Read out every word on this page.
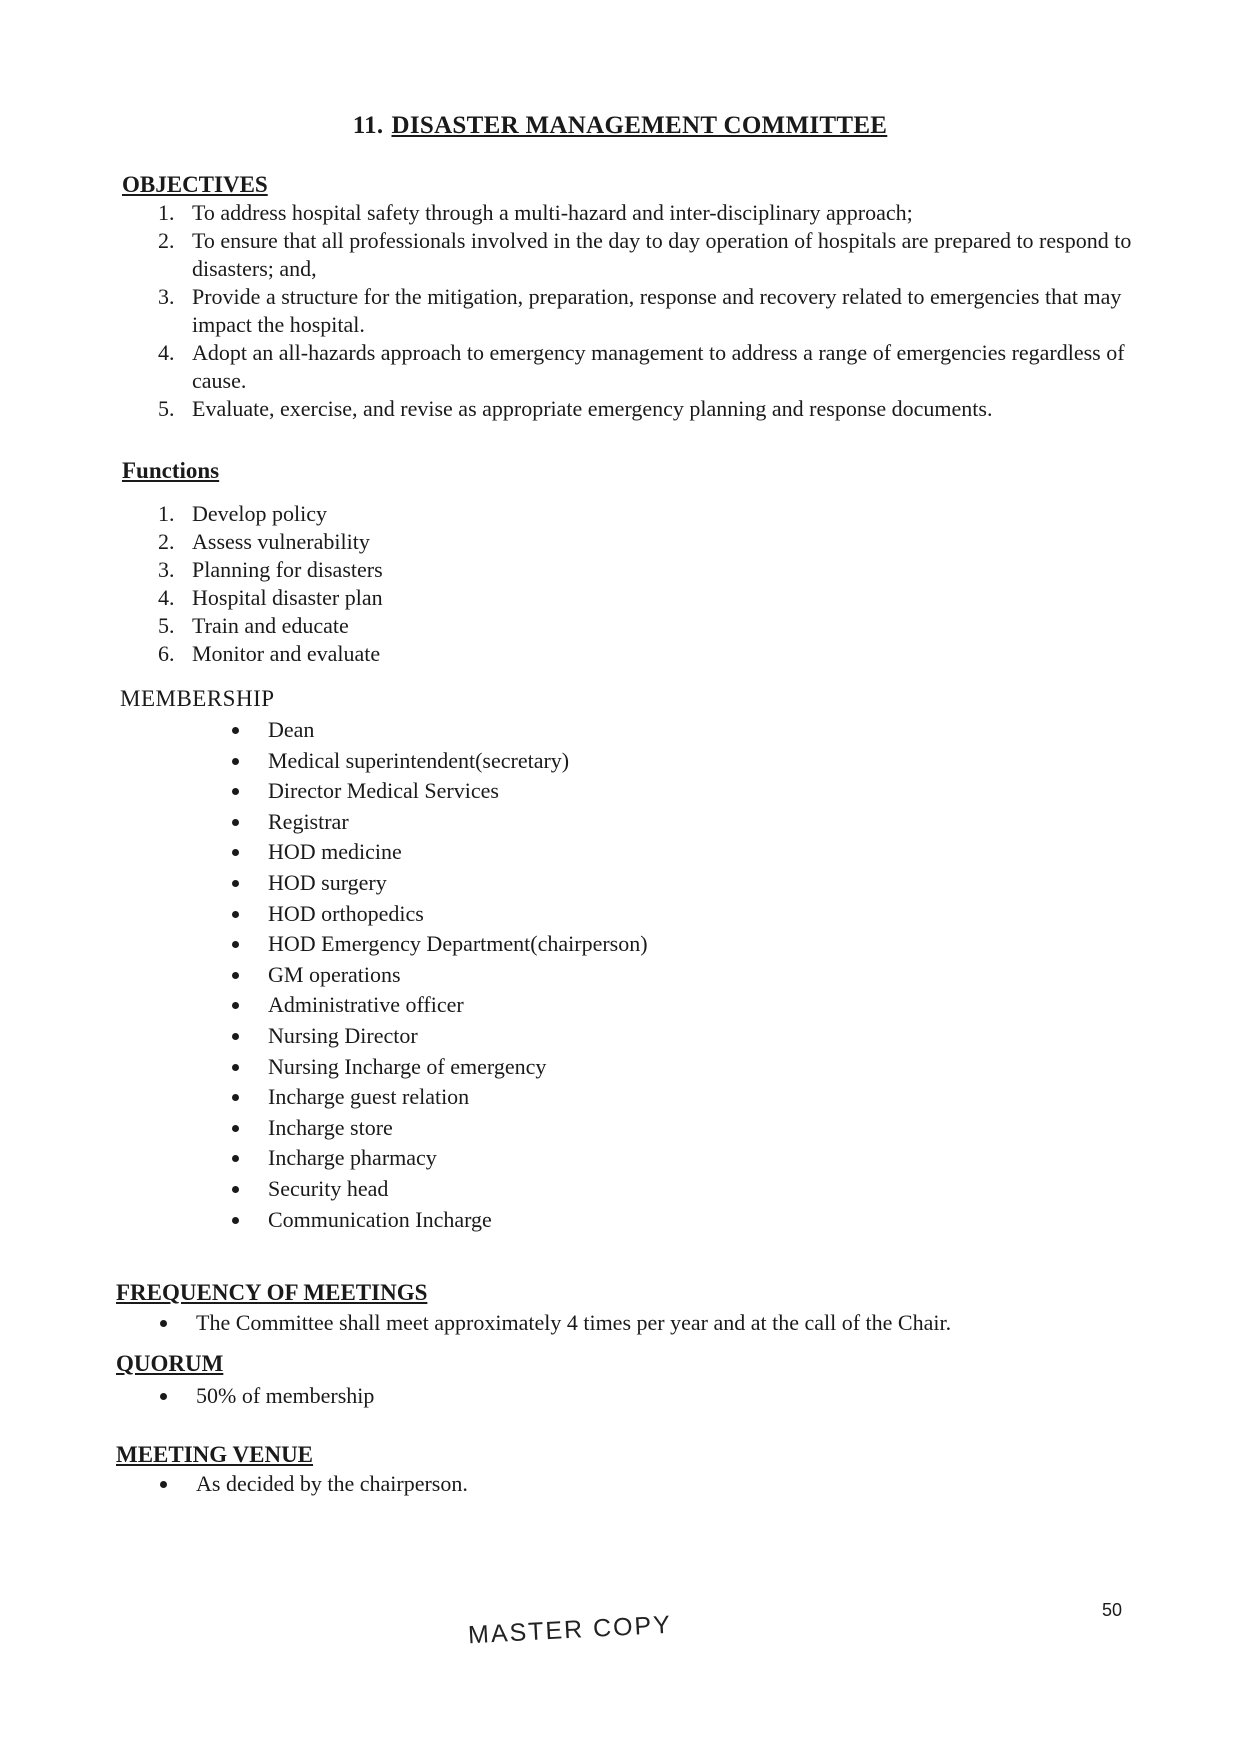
11. DISASTER MANAGEMENT COMMITTEE
OBJECTIVES
1. To address hospital safety through a multi-hazard and inter-disciplinary approach;
2. To ensure that all professionals involved in the day to day operation of hospitals are prepared to respond to disasters; and,
3. Provide a structure for the mitigation, preparation, response and recovery related to emergencies that may impact the hospital.
4. Adopt an all-hazards approach to emergency management to address a range of emergencies regardless of cause.
5. Evaluate, exercise, and revise as appropriate emergency planning and response documents.
Functions
1. Develop policy
2. Assess vulnerability
3. Planning for disasters
4. Hospital disaster plan
5. Train and educate
6. Monitor and evaluate
MEMBERSHIP
Dean
Medical superintendent(secretary)
Director Medical Services
Registrar
HOD medicine
HOD surgery
HOD orthopedics
HOD Emergency Department(chairperson)
GM operations
Administrative officer
Nursing Director
Nursing Incharge of emergency
Incharge guest relation
Incharge store
Incharge pharmacy
Security head
Communication Incharge
FREQUENCY OF MEETINGS
The Committee shall meet approximately 4 times per year and at the call of the Chair.
QUORUM
50% of membership
MEETING VENUE
As decided by the chairperson.
50
MASTER COPY
